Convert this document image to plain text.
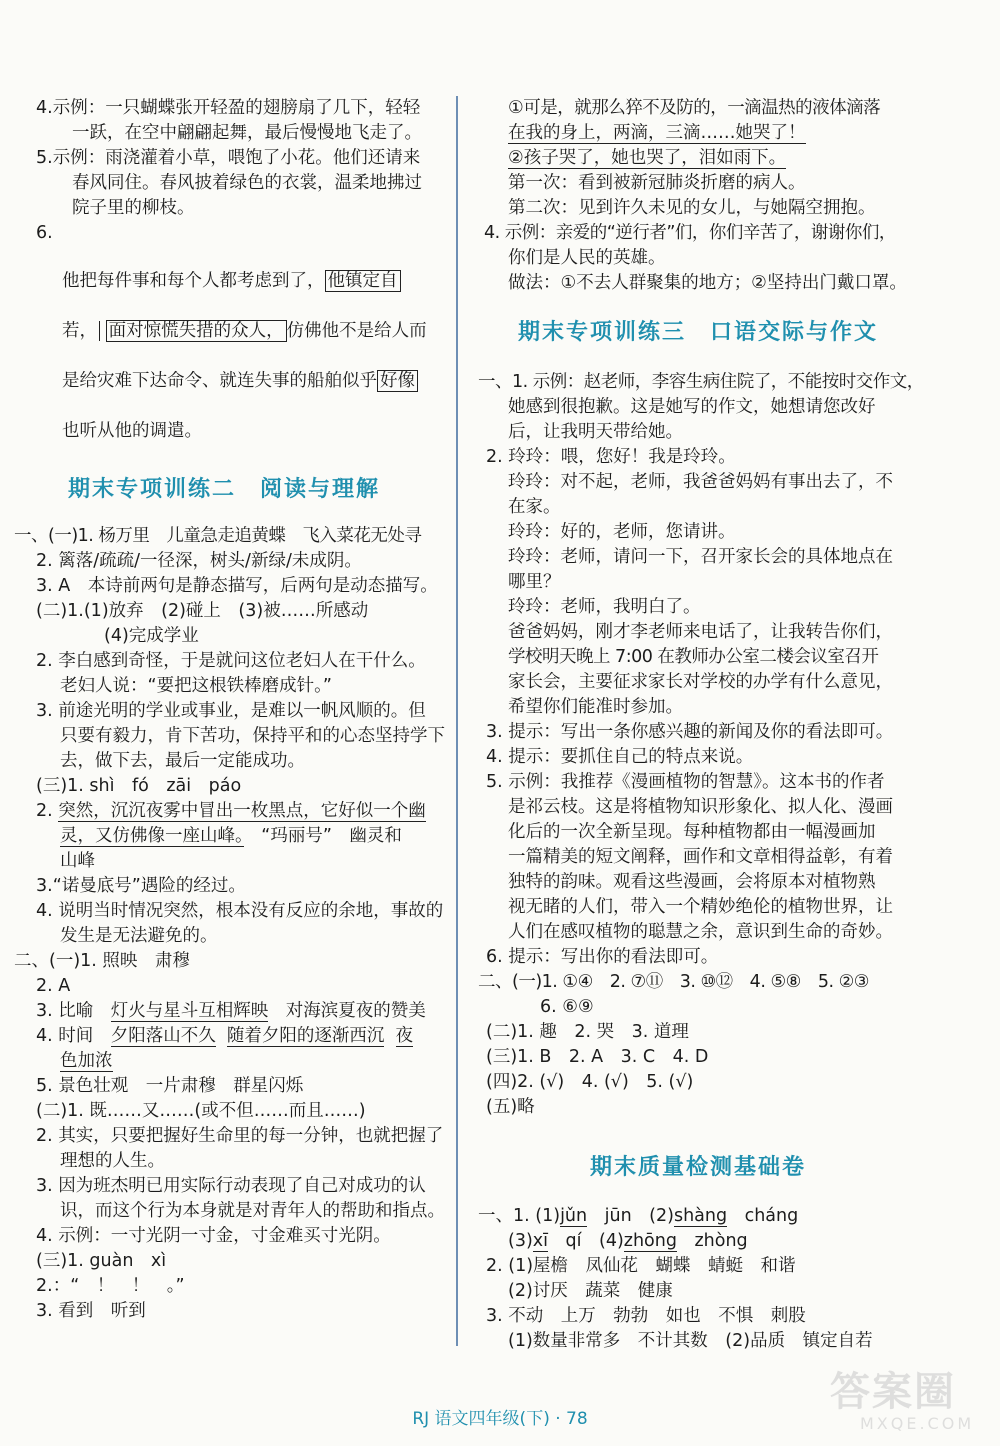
4.示例：一只蝴蝶张开轻盈的翅膀扇了几下，轻轻
一跃，在空中翩翩起舞，最后慢慢地飞走了。
5.示例：雨浇灌着小草，喂饱了小花。他们还请来
春风同住。春风披着绿色的衣裳，温柔地拂过
院子里的柳枝。
6.
他把每件事和每个人都考虑到了， 他镇定自
若， 面对惊慌失措的众人， 仿佛他不是给人而
是给灾难下达命令、就连失事的船舶似乎 好像
也听从他的调遣。
期末专项训练二　阅读与理解
一、(一)1. 杨万里　儿童急走追黄蝶　飞入菜花无处寻
2. 篱落/疏疏/一径深，树头/新绿/未成阴。
3. A　本诗前两句是静态描写，后两句是动态描写。
(二)1.(1)放弃　(2)碰上　(3)被……所感动
(4)完成学业
2. 李白感到奇怪，于是就问这位老妇人在干什么。
老妇人说：“要把这根铁棒磨成针。”
3. 前途光明的学业或事业，是难以一帆风顺的。但
只要有毅力，肯下苦功，保持平和的心态坚持学下
去，做下去，最后一定能成功。
(三)1. shì　fó　zāi　páo
2. 突然，沉沉夜雾中冒出一枚黑点，它好似一个幽
灵，又仿佛像一座山峰。　“玛丽号”　幽灵和
山峰
3.“诺曼底号”遇险的经过。
4. 说明当时情况突然，根本没有反应的余地，事故的
发生是无法避免的。
二、(一)1. 照映　肃穆
2. A
3. 比喻　灯火与星斗互相辉映　对海滨夏夜的赞美
4. 时间　夕阳落山不久 随着夕阳的逐渐西沉 夜
色加浓
5. 景色壮观　一片肃穆　群星闪烁
(二)1. 既……又……(或不但……而且……)
2. 其实，只要把握好生命里的每一分钟，也就把握了
理想的人生。
3. 因为班杰明已用实际行动表现了自己对成功的认
识，而这个行为本身就是对青年人的帮助和指点。
4. 示例：一寸光阴一寸金，寸金难买寸光阴。
(三)1. guàn　xì
2.：“　！　！　。”
3. 看到　听到
①可是，就那么猝不及防的，一滴温热的液体滴落
在我的身上，两滴，三滴……她哭了！
②孩子哭了，她也哭了，泪如雨下。
第一次：看到被新冠肺炎折磨的病人。
第二次：见到许久未见的女儿，与她隔空拥抱。
4. 示例：亲爱的“逆行者”们，你们辛苦了，谢谢你们，
你们是人民的英雄。
做法：①不去人群聚集的地方；②坚持出门戴口罩。
期末专项训练三　口语交际与作文
一、1. 示例：赵老师，李容生病住院了，不能按时交作文，
她感到很抱歉。这是她写的作文，她想请您改好
后，让我明天带给她。
2. 玲玲：喂，您好！我是玲玲。
玲玲：对不起，老师，我爸爸妈妈有事出去了，不
在家。
玲玲：好的，老师，您请讲。
玲玲：老师，请问一下，召开家长会的具体地点在
哪里？
玲玲：老师，我明白了。
爸爸妈妈，刚才李老师来电话了，让我转告你们，
学校明天晚上 7:00 在教师办公室二楼会议室召开
家长会，主要征求家长对学校的办学有什么意见，
希望你们能准时参加。
3. 提示：写出一条你感兴趣的新闻及你的看法即可。
4. 提示：要抓住自己的特点来说。
5. 示例：我推荐《漫画植物的智慧》。这本书的作者
是祁云枝。这是将植物知识形象化、拟人化、漫画
化后的一次全新呈现。每种植物都由一幅漫画加
一篇精美的短文阐释，画作和文章相得益彰，有着
独特的韵味。观看这些漫画，会将原本对植物熟
视无睹的人们，带入一个精妙绝伦的植物世界，让
人们在感叹植物的聪慧之余，意识到生命的奇妙。
6. 提示：写出你的看法即可。
二、(一)1. ①④　2. ⑦⑪　3. ⑩⑫　4. ⑤⑧　5. ②③
6. ⑥⑨
(二)1. 趣　2. 哭　3. 道理
(三)1. B　2. A　3. C　4. D
(四)2. (√)　4. (√)　5. (√)
(五)略
期末质量检测基础卷
一、1. (1)jǔn　jūn　(2)shàng　cháng
(3)xī　qí　(4)zhōng　zhòng
2. (1)屋檐　凤仙花　蝴蝶　蜻蜓　和谐
(2)讨厌　蔬菜　健康
3. 不动　上万　勃勃　如也　不惧　刺股
(1)数量非常多　不计其数　(2)品质　镇定自若
RJ 语文四年级(下) · 78
答案圈
MXQE.COM
